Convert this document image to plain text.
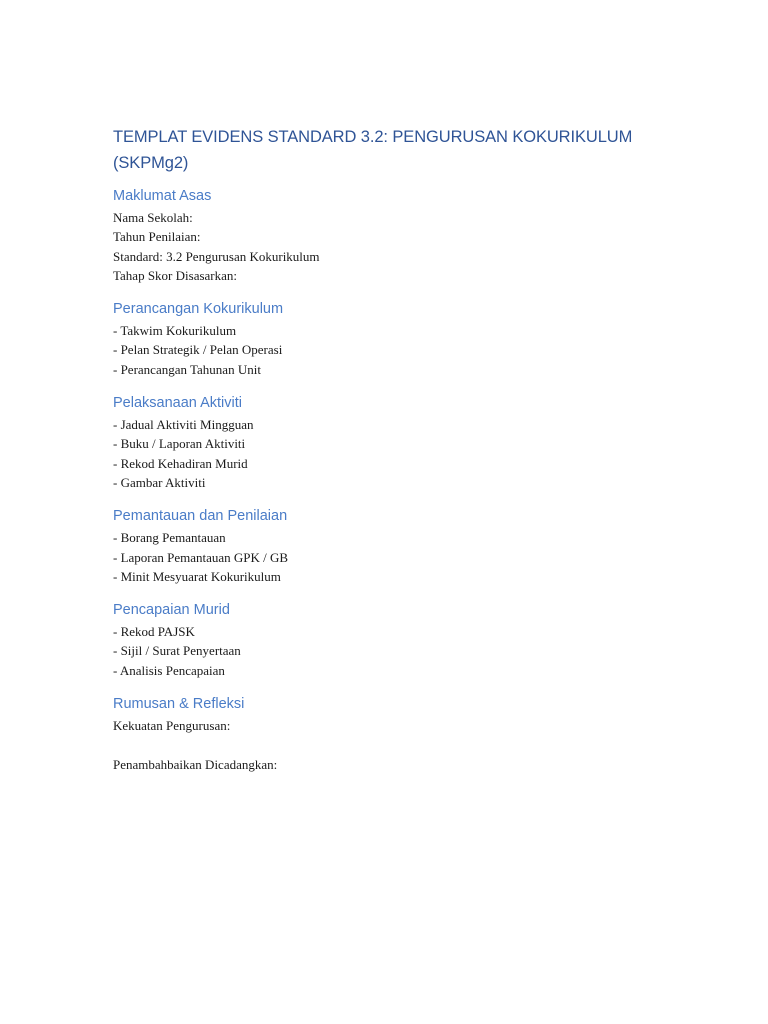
TEMPLAT EVIDENS STANDARD 3.2: PENGURUSAN KOKURIKULUM (SKPMg2)
Maklumat Asas

Nama Sekolah:

Tahun Penilaian:

Standard: 3.2 Pengurusan Kokurikulum

Tahap Skor Disasarkan:

Perancangan Kokurikulum

- Takwim Kokurikulum

- Pelan Strategik / Pelan Operasi

- Perancangan Tahunan Unit

Pelaksanaan Aktiviti

- Jadual Aktiviti Mingguan

- Buku / Laporan Aktiviti

- Rekod Kehadiran Murid

- Gambar Aktiviti

Pemantauan dan Penilaian

- Borang Pemantauan

- Laporan Pemantauan GPK / GB

- Minit Mesyuarat Kokurikulum

Pencapaian Murid

- Rekod PAJSK

- Sijil / Surat Penyertaan

- Analisis Pencapaian

Rumusan & Refleksi

Kekuatan Pengurusan:

Penambahbaikan Dicadangkan:
